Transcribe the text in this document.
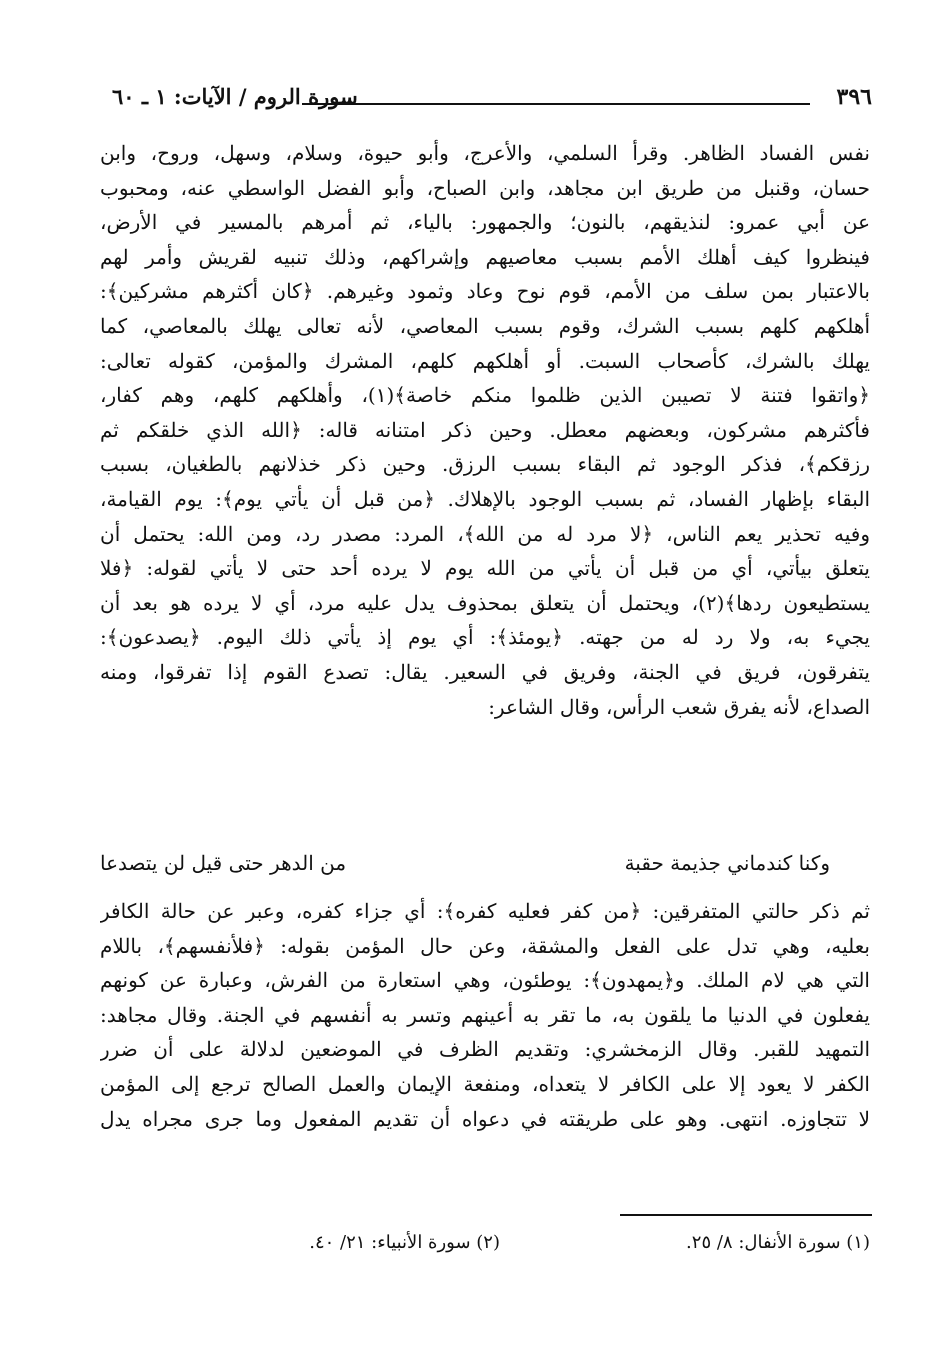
٣٩٦
سورة الروم / الآيات: ١ ـ ٦٠
نفس الفساد الظاهر. وقرأ السلمي، والأعرج، وأبو حيوة، وسلام، وسهل، وروح، وابن
حسان، وقنبل من طريق ابن مجاهد، وابن الصباح، وأبو الفضل الواسطي عنه، ومحبوب
عن أبي عمرو: لنذيقهم، بالنون؛ والجمهور: بالياء، ثم أمرهم بالمسير في الأرض،
فينظروا كيف أهلك الأمم بسبب معاصيهم وإشراكهم، وذلك تنبيه لقريش وأمر لهم
بالاعتبار بمن سلف من الأمم، قوم نوح وعاد وثمود وغيرهم. ﴿كان أكثرهم مشركين﴾:
أهلكهم كلهم بسبب الشرك، وقوم بسبب المعاصي، لأنه تعالى يهلك بالمعاصي، كما
يهلك بالشرك، كأصحاب السبت. أو أهلكهم كلهم، المشرك والمؤمن، كقوله تعالى:
﴿واتقوا فتنة لا تصيبن الذين ظلموا منكم خاصة﴾(١)، وأهلكهم كلهم، وهم كفار،
فأكثرهم مشركون، وبعضهم معطل. وحين ذكر امتنانه قاله: ﴿الله الذي خلقكم ثم
رزقكم﴾، فذكر الوجود ثم البقاء بسبب الرزق. وحين ذكر خذلانهم بالطغيان، بسبب
البقاء بإظهار الفساد، ثم بسبب الوجود بالإهلاك. ﴿من قبل أن يأتي يوم﴾: يوم القيامة،
وفيه تحذير يعم الناس، ﴿لا مرد له من الله﴾، المرد: مصدر رد، ومن الله: يحتمل أن
يتعلق بيأتي، أي من قبل أن يأتي من الله يوم لا يرده أحد حتى لا يأتي لقوله: ﴿فلا
يستطيعون ردها﴾(٢)، ويحتمل أن يتعلق بمحذوف يدل عليه مرد، أي لا يرده هو بعد أن
يجيء به، ولا رد له من جهته. ﴿يومئذ﴾: أي يوم إذ يأتي ذلك اليوم. ﴿يصدعون﴾:
يتفرقون، فريق في الجنة، وفريق في السعير. يقال: تصدع القوم إذا تفرقوا، ومنه
الصداع، لأنه يفرق شعب الرأس، وقال الشاعر:
وكنا كندماني جذيمة حقبة
من الدهر حتى قيل لن يتصدعا
ثم ذكر حالتي المتفرقين: ﴿من كفر فعليه كفره﴾: أي جزاء كفره، وعبر عن حالة الكافر
بعليه، وهي تدل على الفعل والمشقة، وعن حال المؤمن بقوله: ﴿فلأنفسهم﴾، باللام
التي هي لام الملك. و﴿يمهدون﴾: يوطئون، وهي استعارة من الفرش، وعبارة عن كونهم
يفعلون في الدنيا ما يلقون به، ما تقر به أعينهم وتسر به أنفسهم في الجنة. وقال مجاهد:
التمهيد للقبر. وقال الزمخشري: وتقديم الظرف في الموضعين لدلالة على أن ضرر
الكفر لا يعود إلا على الكافر لا يتعداه، ومنفعة الإيمان والعمل الصالح ترجع إلى المؤمن
لا تتجاوزه. انتهى. وهو على طريقته في دعواه أن تقديم المفعول وما جرى مجراه يدل
(١) سورة الأنفال: ٨/ ٢٥.
(٢) سورة الأنبياء: ٢١/ ٤٠.
